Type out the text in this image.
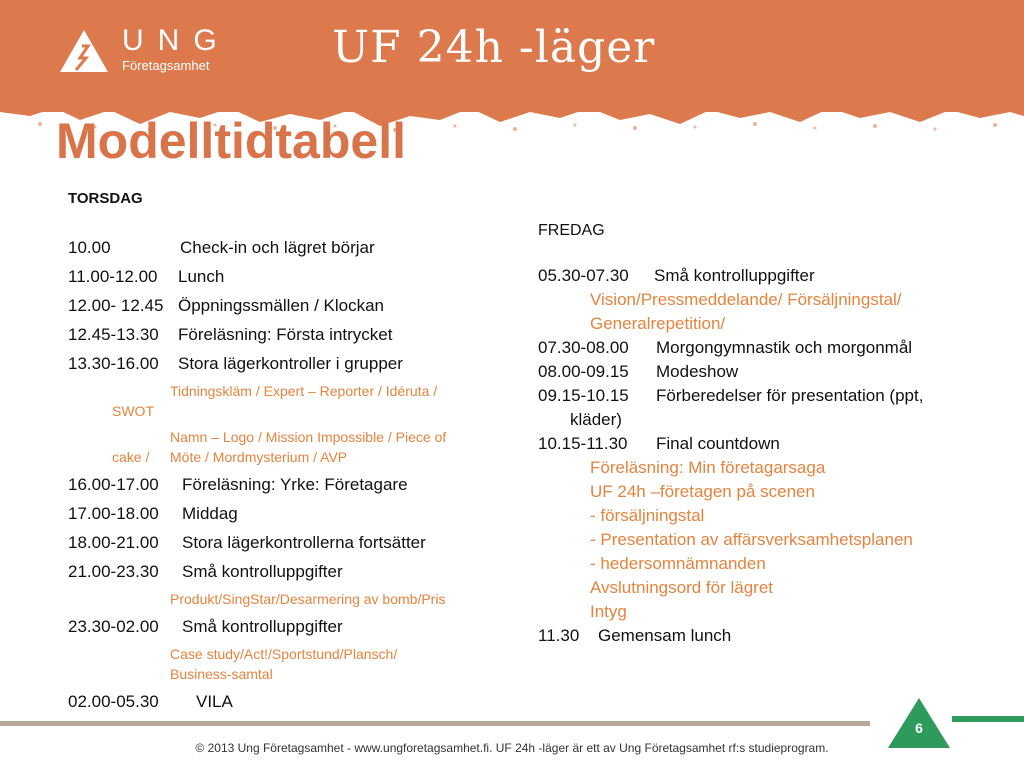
UNG
Företagsamhet	UF 24h -läger
Modelltidtabell
TORSDAG
10.00	Check-in och lägret börjar
11.00-12.00 Lunch
12.00- 12.45 Öppningssmällen / Klockan
12.45-13.30 Föreläsning: Första intrycket
13.30-16.00 Stora lägerkontroller i grupper
Tidningskläm / Expert – Reporter / Idéruta /
SWOT
Namn – Logo / Mission Impossible / Piece of
cake / Möte / Mordmysterium / AVP
16.00-17.00 Föreläsning: Yrke: Företagare
17.00-18.00 Middag
18.00-21.00 Stora lägerkontrollerna fortsätter
21.00-23.30 Små kontrolluppgifter
Produkt/SingStar/Desarmering av bomb/Pris
23.30-02.00 Små kontrolluppgifter
Case study/Act!/Sportstund/Plansch/
Business-samtal
02.00-05.30 VILA
FREDAG
05.30-07.30 Små kontrolluppgifter
Vision/Pressmeddelande/ Försäljningstal/
Generalrepetition/
07.30-08.00 Morgongymnastik och morgonmål
08.00-09.15 Modeshow
09.15-10.15 Förberedelser för presentation (ppt,
kläder)
10.15-11.30 Final countdown
Föreläsning: Min företagarsaga
UF 24h –företagen på scenen
- försäljningstal
- Presentation av affärsverksamhetsplanen
- hedersomnämnanden
Avslutningsord för lägret
Intyg
11.30 Gemensam lunch
6
© 2013 Ung Företagsamhet - www.ungforetagsamhet.fi. UF 24h -läger är ett av Ung Företagsamhet rf:s studieprogram.
